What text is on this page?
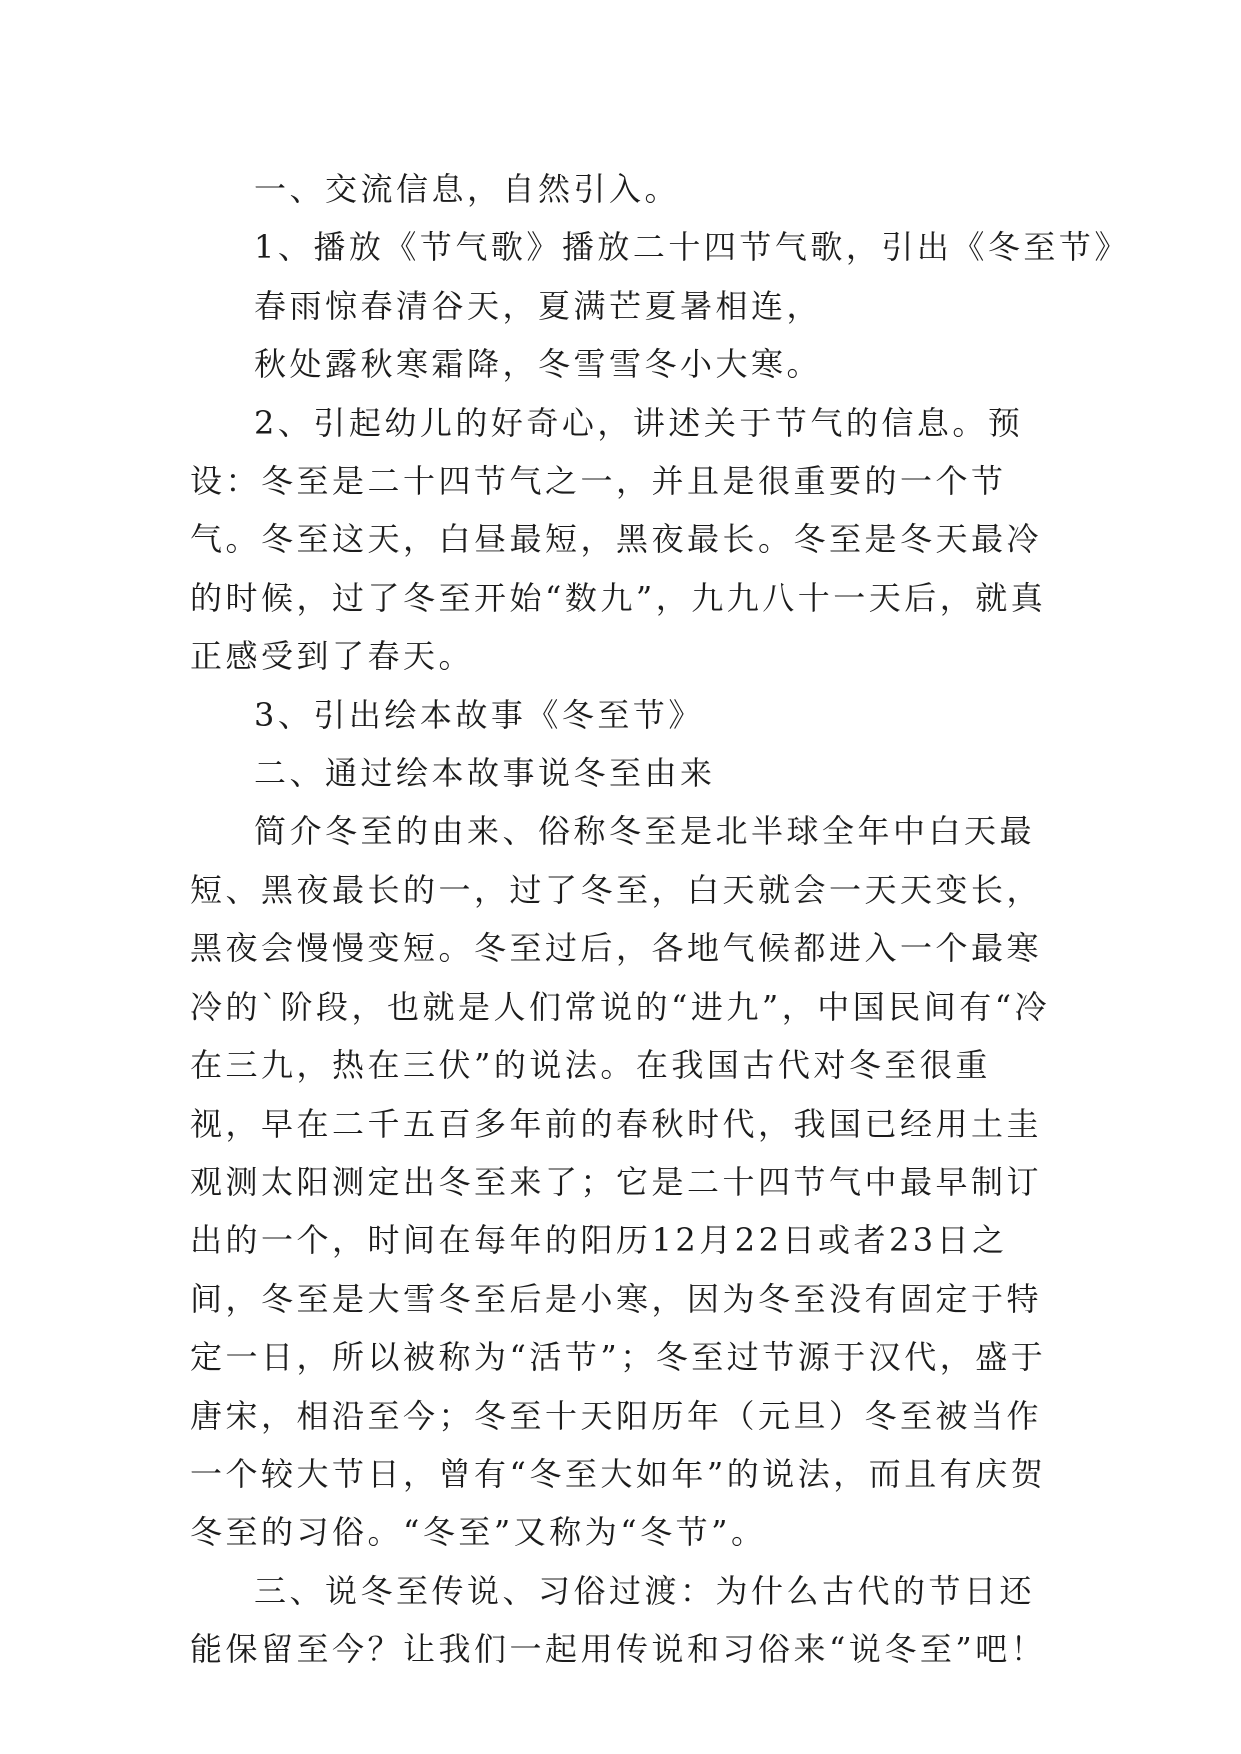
一、交流信息，自然引入。

1、播放《节气歌》播放二十四节气歌，引出《冬至节》

春雨惊春清谷天，夏满芒夏暑相连，

秋处露秋寒霜降，冬雪雪冬小大寒。

2、引起幼儿的好奇心，讲述关于节气的信息。预设：冬至是二十四节气之一，并且是很重要的一个节气。冬至这天，白昼最短，黑夜最长。冬至是冬天最冷的时候，过了冬至开始“数九”，九九八十一天后，就真正感受到了春天。

3、引出绘本故事《冬至节》

二、通过绘本故事说冬至由来

简介冬至的由来、俗称冬至是北半球全年中白天最短、黑夜最长的一，过了冬至，白天就会一天天变长，黑夜会慢慢变短。冬至过后，各地气候都进入一个最寒冷的`阶段，也就是人们常说的“进九”，中国民间有“冷在三九，热在三伏”的说法。在我国古代对冬至很重视，早在二千五百多年前的春秋时代，我国已经用土圭观测太阳测定出冬至来了；它是二十四节气中最早制订出的一个，时间在每年的阳历12月22日或者23日之间，冬至是大雪冬至后是小寒，因为冬至没有固定于特定一日，所以被称为“活节”；冬至过节源于汉代，盛于唐宋，相沿至今；冬至十天阳历年（元旦）冬至被当作一个较大节日，曾有“冬至大如年”的说法，而且有庆贺冬至的习俗。“冬至”又称为“冬节”。

三、说冬至传说、习俗过渡：为什么古代的节日还能保留至今？让我们一起用传说和习俗来“说冬至”吧！
